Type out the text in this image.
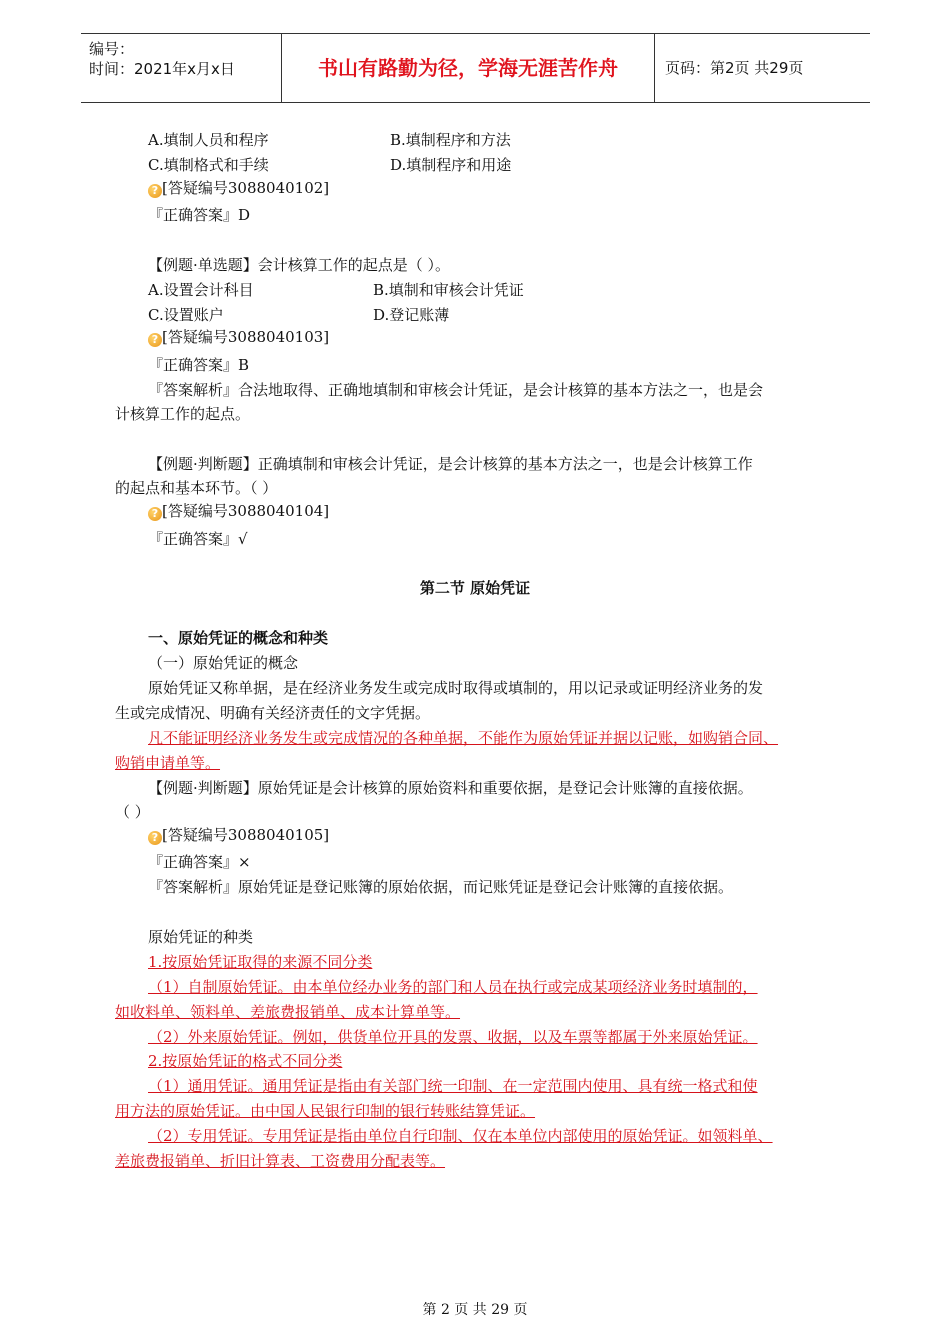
编号：
时间：2021年x月x日	书山有路勤为径，学海无涯苦作舟	页码：第2页 共29页
A.填制人员和程序	B.填制程序和方法
C.填制格式和手续	D.填制程序和用途
? [答疑编号3088040102]
『正确答案』D
【例题·单选题】会计核算工作的起点是（ ）。
A.设置会计科目	B.填制和审核会计凭证
C.设置账户	D.登记账薄
? [答疑编号3088040103]
『正确答案』B
『答案解析』合法地取得、正确地填制和审核会计凭证，是会计核算的基本方法之一，也是会
计核算工作的起点。
【例题·判断题】正确填制和审核会计凭证，是会计核算的基本方法之一，也是会计核算工作
的起点和基本环节。（ ）
? [答疑编号3088040104]
『正确答案』√
第二节 原始凭证
一、原始凭证的概念和种类
（一）原始凭证的概念
原始凭证又称单据，是在经济业务发生或完成时取得或填制的，用以记录或证明经济业务的发
生或完成情况、明确有关经济责任的文字凭据。
凡不能证明经济业务发生或完成情况的各种单据，不能作为原始凭证并据以记账，如购销合同、
购销申请单等。
【例题·判断题】原始凭证是会计核算的原始资料和重要依据，是登记会计账簿的直接依据。
（ ）
? [答疑编号3088040105]
『正确答案』×
『答案解析』原始凭证是登记账簿的原始依据，而记账凭证是登记会计账簿的直接依据。
原始凭证的种类
1.按原始凭证取得的来源不同分类
（1）自制原始凭证。由本单位经办业务的部门和人员在执行或完成某项经济业务时填制的，
如收料单、领料单、差旅费报销单、成本计算单等。
（2）外来原始凭证。例如，供货单位开具的发票、收据，以及车票等都属于外来原始凭证。
2.按原始凭证的格式不同分类
（1）通用凭证。通用凭证是指由有关部门统一印制、在一定范围内使用、具有统一格式和使
用方法的原始凭证。由中国人民银行印制的银行转账结算凭证。
（2）专用凭证。专用凭证是指由单位自行印制、仅在本单位内部使用的原始凭证。如领料单、
差旅费报销单、折旧计算表、工资费用分配表等。
第 2 页 共 29 页
